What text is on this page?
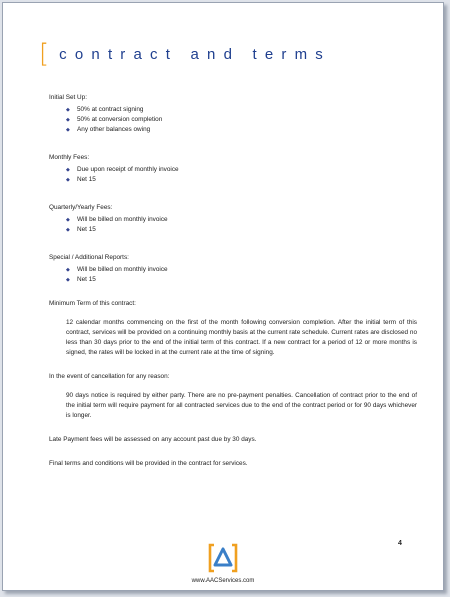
[ contract and terms

Initial Set Up:

◆ 50% at contract signing
◆ 50% at conversion completion
◆ Any other balances owing

Monthly Fees:

◆ Due upon receipt of monthly invoice
◆ Net 15

Quarterly/Yearly Fees:

◆ Will be billed on monthly invoice
◆ Net 15

Special / Additional Reports:

◆ Will be billed on monthly invoice
◆ Net 15

Minimum Term of this contract:

12 calendar months commencing on the first of the month following conversion completion. After the initial term of this contract, services will be provided on a continuing monthly basis at the current rate schedule. Current rates are disclosed no less than 30 days prior to the end of the initial term of this contract. If a new contract for a period of 12 or more months is signed, the rates will be locked in at the current rate at the time of signing.

In the event of cancellation for any reason:

90 days notice is required by either party. There are no pre-payment penalties. Cancellation of contract prior to the end of the initial term will require payment for all contracted services due to the end of the contract period or for 90 days whichever is longer.

Late Payment fees will be assessed on any account past due by 30 days.

Final terms and conditions will be provided in the contract for services.

4
www.AACServices.com
